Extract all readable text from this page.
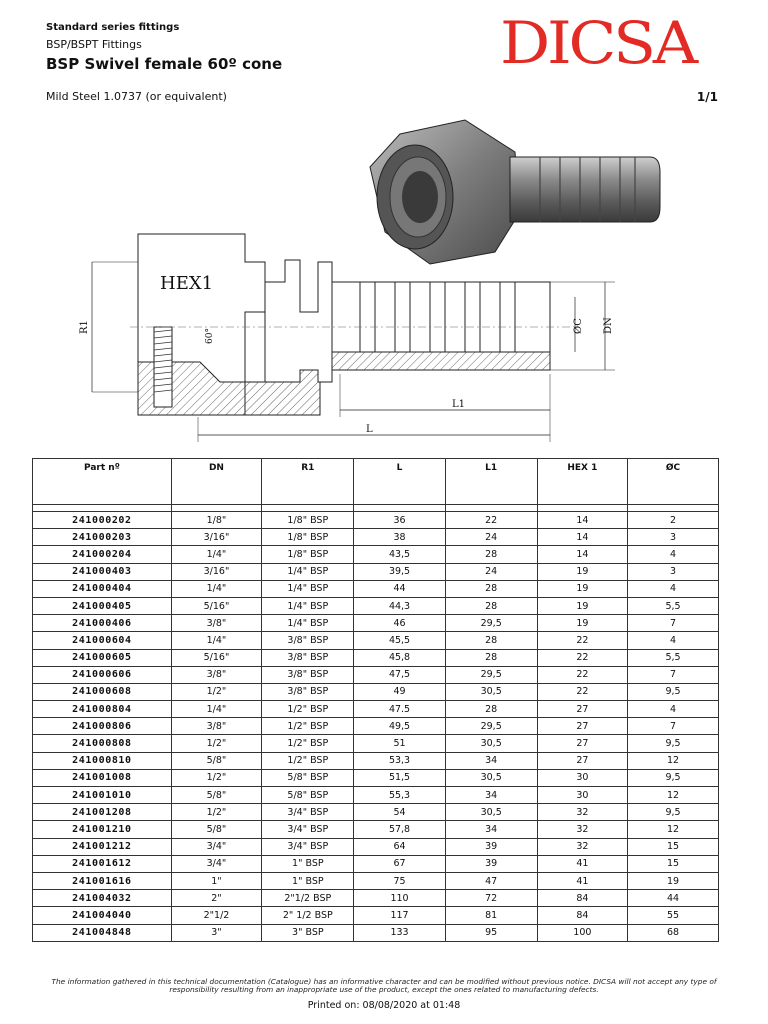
Standard series fittings
BSP/BSPT Fittings
BSP Swivel female 60º cone
Mild Steel 1.0737 (or equivalent)	1/1
DICSA
HEX1
60°
R1	ØC DN
L1
L
Part nº	DN	R1	L	L1	HEX 1	ØC

241000202	1/8"	1/8" BSP	36	22	14	2
241000203	3/16"	1/8" BSP	38	24	14	3
241000204	1/4"	1/8" BSP	43,5	28	14	4
241000403	3/16"	1/4" BSP	39,5	24	19	3
241000404	1/4"	1/4" BSP	44	28	19	4
241000405	5/16"	1/4" BSP	44,3	28	19	5,5
241000406	3/8"	1/4" BSP	46	29,5	19	7
241000604	1/4"	3/8" BSP	45,5	28	22	4
241000605	5/16"	3/8" BSP	45,8	28	22	5,5
241000606	3/8"	3/8" BSP	47,5	29,5	22	7
241000608	1/2"	3/8" BSP	49	30,5	22	9,5
241000804	1/4"	1/2" BSP	47.5	28	27	4
241000806	3/8"	1/2" BSP	49,5	29,5	27	7
241000808	1/2"	1/2" BSP	51	30,5	27	9,5
241000810	5/8"	1/2" BSP	53,3	34	27	12
241001008	1/2"	5/8" BSP	51,5	30,5	30	9,5
241001010	5/8"	5/8" BSP	55,3	34	30	12
241001208	1/2"	3/4" BSP	54	30,5	32	9,5
241001210	5/8"	3/4" BSP	57,8	34	32	12
241001212	3/4"	3/4" BSP	64	39	32	15
241001612	3/4"	1" BSP	67	39	41	15
241001616	1"	1" BSP	75	47	41	19
241004032	2"	2"1/2 BSP	110	72	84	44
241004040	2"1/2	2" 1/2 BSP	117	81	84	55
241004848	3"	3" BSP	133	95	100	68
The information gathered in this technical documentation (Catalogue) has an informative character and can be modified without previous notice. DICSA will not accept any type of responsibility resulting from an inappropriate use of the product, except the ones related to manufacturing defects.
Printed on: 08/08/2020 at 01:48
